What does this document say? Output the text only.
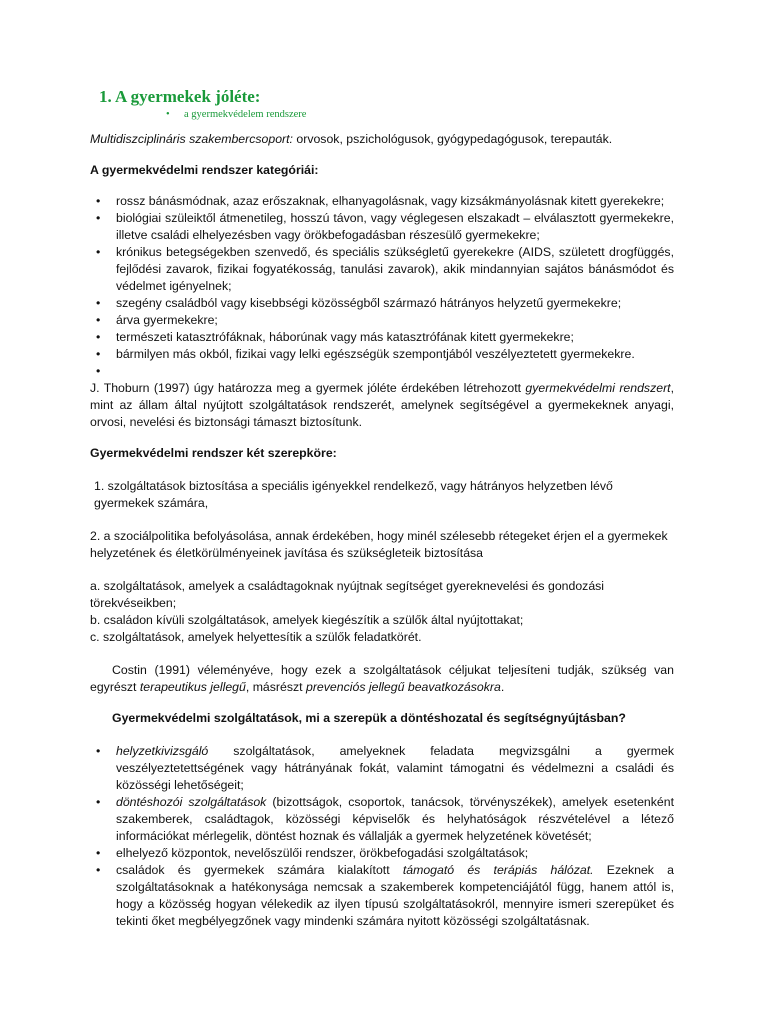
1. A gyermekek jóléte:
• a gyermekvédelem rendszere

Multidiszciplináris szakembercsoport: orvosok, pszichológusok, gyógypedagógusok, terepauták.

A gyermekvédelmi rendszer kategóriái:

• rossz bánásmódnak, azaz erőszaknak, elhanyagolásnak, vagy kizsákmányolásnak kitett gyerekekre;
• biológiai szüleiktől átmenetileg, hosszú távon, vagy véglegesen elszakadt – elválasztott gyermekekre, illetve családi elhelyezésben vagy örökbefogadásban részesülő gyermekekre;
• krónikus betegségekben szenvedő, és speciális szükségletű gyerekekre (AIDS, született drogfüggés, fejlődési zavarok, fizikai fogyatékosság, tanulási zavarok), akik mindannyian sajátos bánásmódot és védelmet igényelnek;
• szegény családból vagy kisebbségi közösségből származó hátrányos helyzetű gyermekekre;
• árva gyermekekre;
• természeti katasztrófáknak, háborúnak vagy más katasztrófának kitett gyermekekre;
• bármilyen más okból, fizikai vagy lelki egészségük szempontjából veszélyeztetett gyermekekre.
•

J. Thoburn (1997) úgy határozza meg a gyermek jóléte érdekében létrehozott gyermekvédelmi rendszert, mint az állam által nyújtott szolgáltatások rendszerét, amelynek segítségével a gyermekeknek anyagi, orvosi, nevelési és biztonsági támaszt biztosítunk.

Gyermekvédelmi rendszer két szerepköre:

1. szolgáltatások biztosítása a speciális igényekkel rendelkező, vagy hátrányos helyzetben lévő gyermekek számára,

2. a szociálpolitika befolyásolása, annak érdekében, hogy minél szélesebb rétegeket érjen el a gyermekek helyzetének és életkörülményeinek javítása és szükségleteik biztosítása

a. szolgáltatások, amelyek a családtagoknak nyújtnak segítséget gyereknevelési és gondozási törekvéseikben;

b. családon kívüli szolgáltatások, amelyek kiegészítik a szülők által nyújtottakat;

c. szolgáltatások, amelyek helyettesítik a szülők feladatkörét.

Costin (1991) véleményéve, hogy ezek a szolgáltatások céljukat teljesíteni tudják, szükség van egyrészt terapeutikus jellegű, másrészt prevenciós jellegű beavatkozásokra.

Gyermekvédelmi szolgáltatások, mi a szerepük a döntéshozatal és segítségnyújtásban?

• helyzetkivizsgáló szolgáltatások, amelyeknek feladata megvizsgálni a gyermek veszélyeztetettségének vagy hátrányának fokát, valamint támogatni és védelmezni a családi és közösségi lehetőségeit;
• döntéshozói szolgáltatások (bizottságok, csoportok, tanácsok, törvényszékek), amelyek esetenként szakemberek, családtagok, közösségi képviselők és helyhatóságok részvételével a létező információkat mérlegelik, döntést hoznak és vállalják a gyermek helyzetének követését;
• elhelyező központok, nevelőszülői rendszer, örökbefogadási szolgáltatások;
• családok és gyermekek számára kialakított támogató és terápiás hálózat. Ezeknek a szolgáltatásoknak a hatékonysága nemcsak a szakemberek kompetenciájától függ, hanem attól is, hogy a közösség hogyan vélekedik az ilyen típusú szolgáltatásokról, mennyire ismeri szerepüket és tekinti őket megbélyegzőnek vagy mindenki számára nyitott közösségi szolgáltatásnak.
